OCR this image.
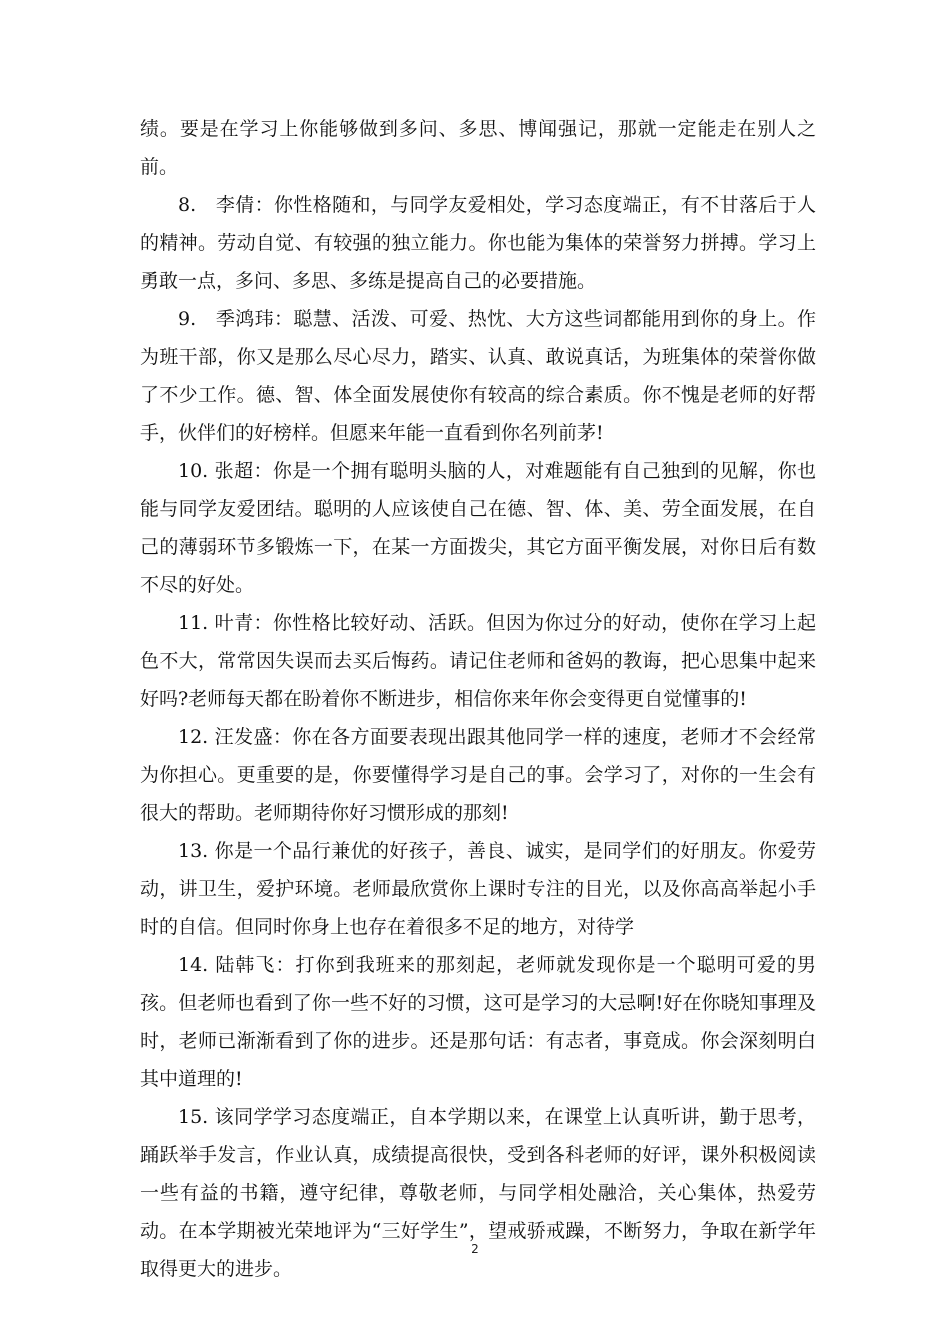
绩。要是在学习上你能够做到多问、多思、博闻强记，那就一定能走在别人之前。

8.　李倩：你性格随和，与同学友爱相处，学习态度端正，有不甘落后于人的精神。劳动自觉、有较强的独立能力。你也能为集体的荣誉努力拼搏。学习上勇敢一点，多问、多思、多练是提高自己的必要措施。

9.　季鸿玮：聪慧、活泼、可爱、热忱、大方这些词都能用到你的身上。作为班干部，你又是那么尽心尽力，踏实、认真、敢说真话，为班集体的荣誉你做了不少工作。德、智、体全面发展使你有较高的综合素质。你不愧是老师的好帮手，伙伴们的好榜样。但愿来年能一直看到你名列前茅!

10. 张超：你是一个拥有聪明头脑的人，对难题能有自己独到的见解，你也能与同学友爱团结。聪明的人应该使自己在德、智、体、美、劳全面发展，在自己的薄弱环节多锻炼一下，在某一方面拨尖，其它方面平衡发展，对你日后有数不尽的好处。

11. 叶青：你性格比较好动、活跃。但因为你过分的好动，使你在学习上起色不大，常常因失误而去买后悔药。请记住老师和爸妈的教诲，把心思集中起来好吗?老师每天都在盼着你不断进步，相信你来年你会变得更自觉懂事的!

12. 汪发盛：你在各方面要表现出跟其他同学一样的速度，老师才不会经常为你担心。更重要的是，你要懂得学习是自己的事。会学习了，对你的一生会有很大的帮助。老师期待你好习惯形成的那刻!

13. 你是一个品行兼优的好孩子，善良、诚实，是同学们的好朋友。你爱劳动，讲卫生，爱护环境。老师最欣赏你上课时专注的目光，以及你高高举起小手时的自信。但同时你身上也存在着很多不足的地方，对待学

14. 陆韩飞：打你到我班来的那刻起，老师就发现你是一个聪明可爱的男孩。但老师也看到了你一些不好的习惯，这可是学习的大忌啊!好在你晓知事理及时，老师已渐渐看到了你的进步。还是那句话：有志者，事竟成。你会深刻明白其中道理的!

15. 该同学学习态度端正，自本学期以来，在课堂上认真听讲，勤于思考，踊跃举手发言，作业认真，成绩提高很快，受到各科老师的好评，课外积极阅读一些有益的书籍，遵守纪律，尊敬老师，与同学相处融洽，关心集体，热爱劳动。在本学期被光荣地评为“三好学生”，望戒骄戒躁，不断努力，争取在新学年取得更大的进步。

2
